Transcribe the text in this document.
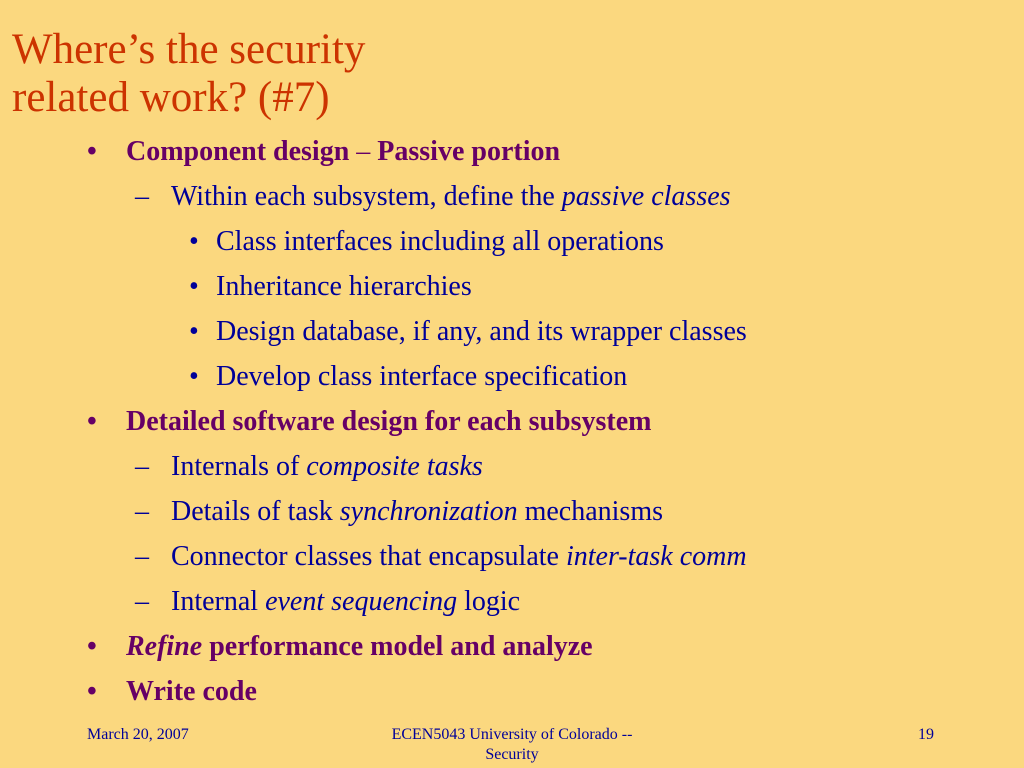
Where’s the security
related work? (#7)
• Component design – Passive portion
– Within each subsystem, define the passive classes
• Class interfaces including all operations
• Inheritance hierarchies
• Design database, if any, and its wrapper classes
• Develop class interface specification
• Detailed software design for each subsystem
– Internals of composite tasks
– Details of task synchronization mechanisms
– Connector classes that encapsulate inter-task comm
– Internal event sequencing logic
• Refine performance model and analyze
• Write code
March 20, 2007	ECEN5043 University of Colorado --
Security
19
